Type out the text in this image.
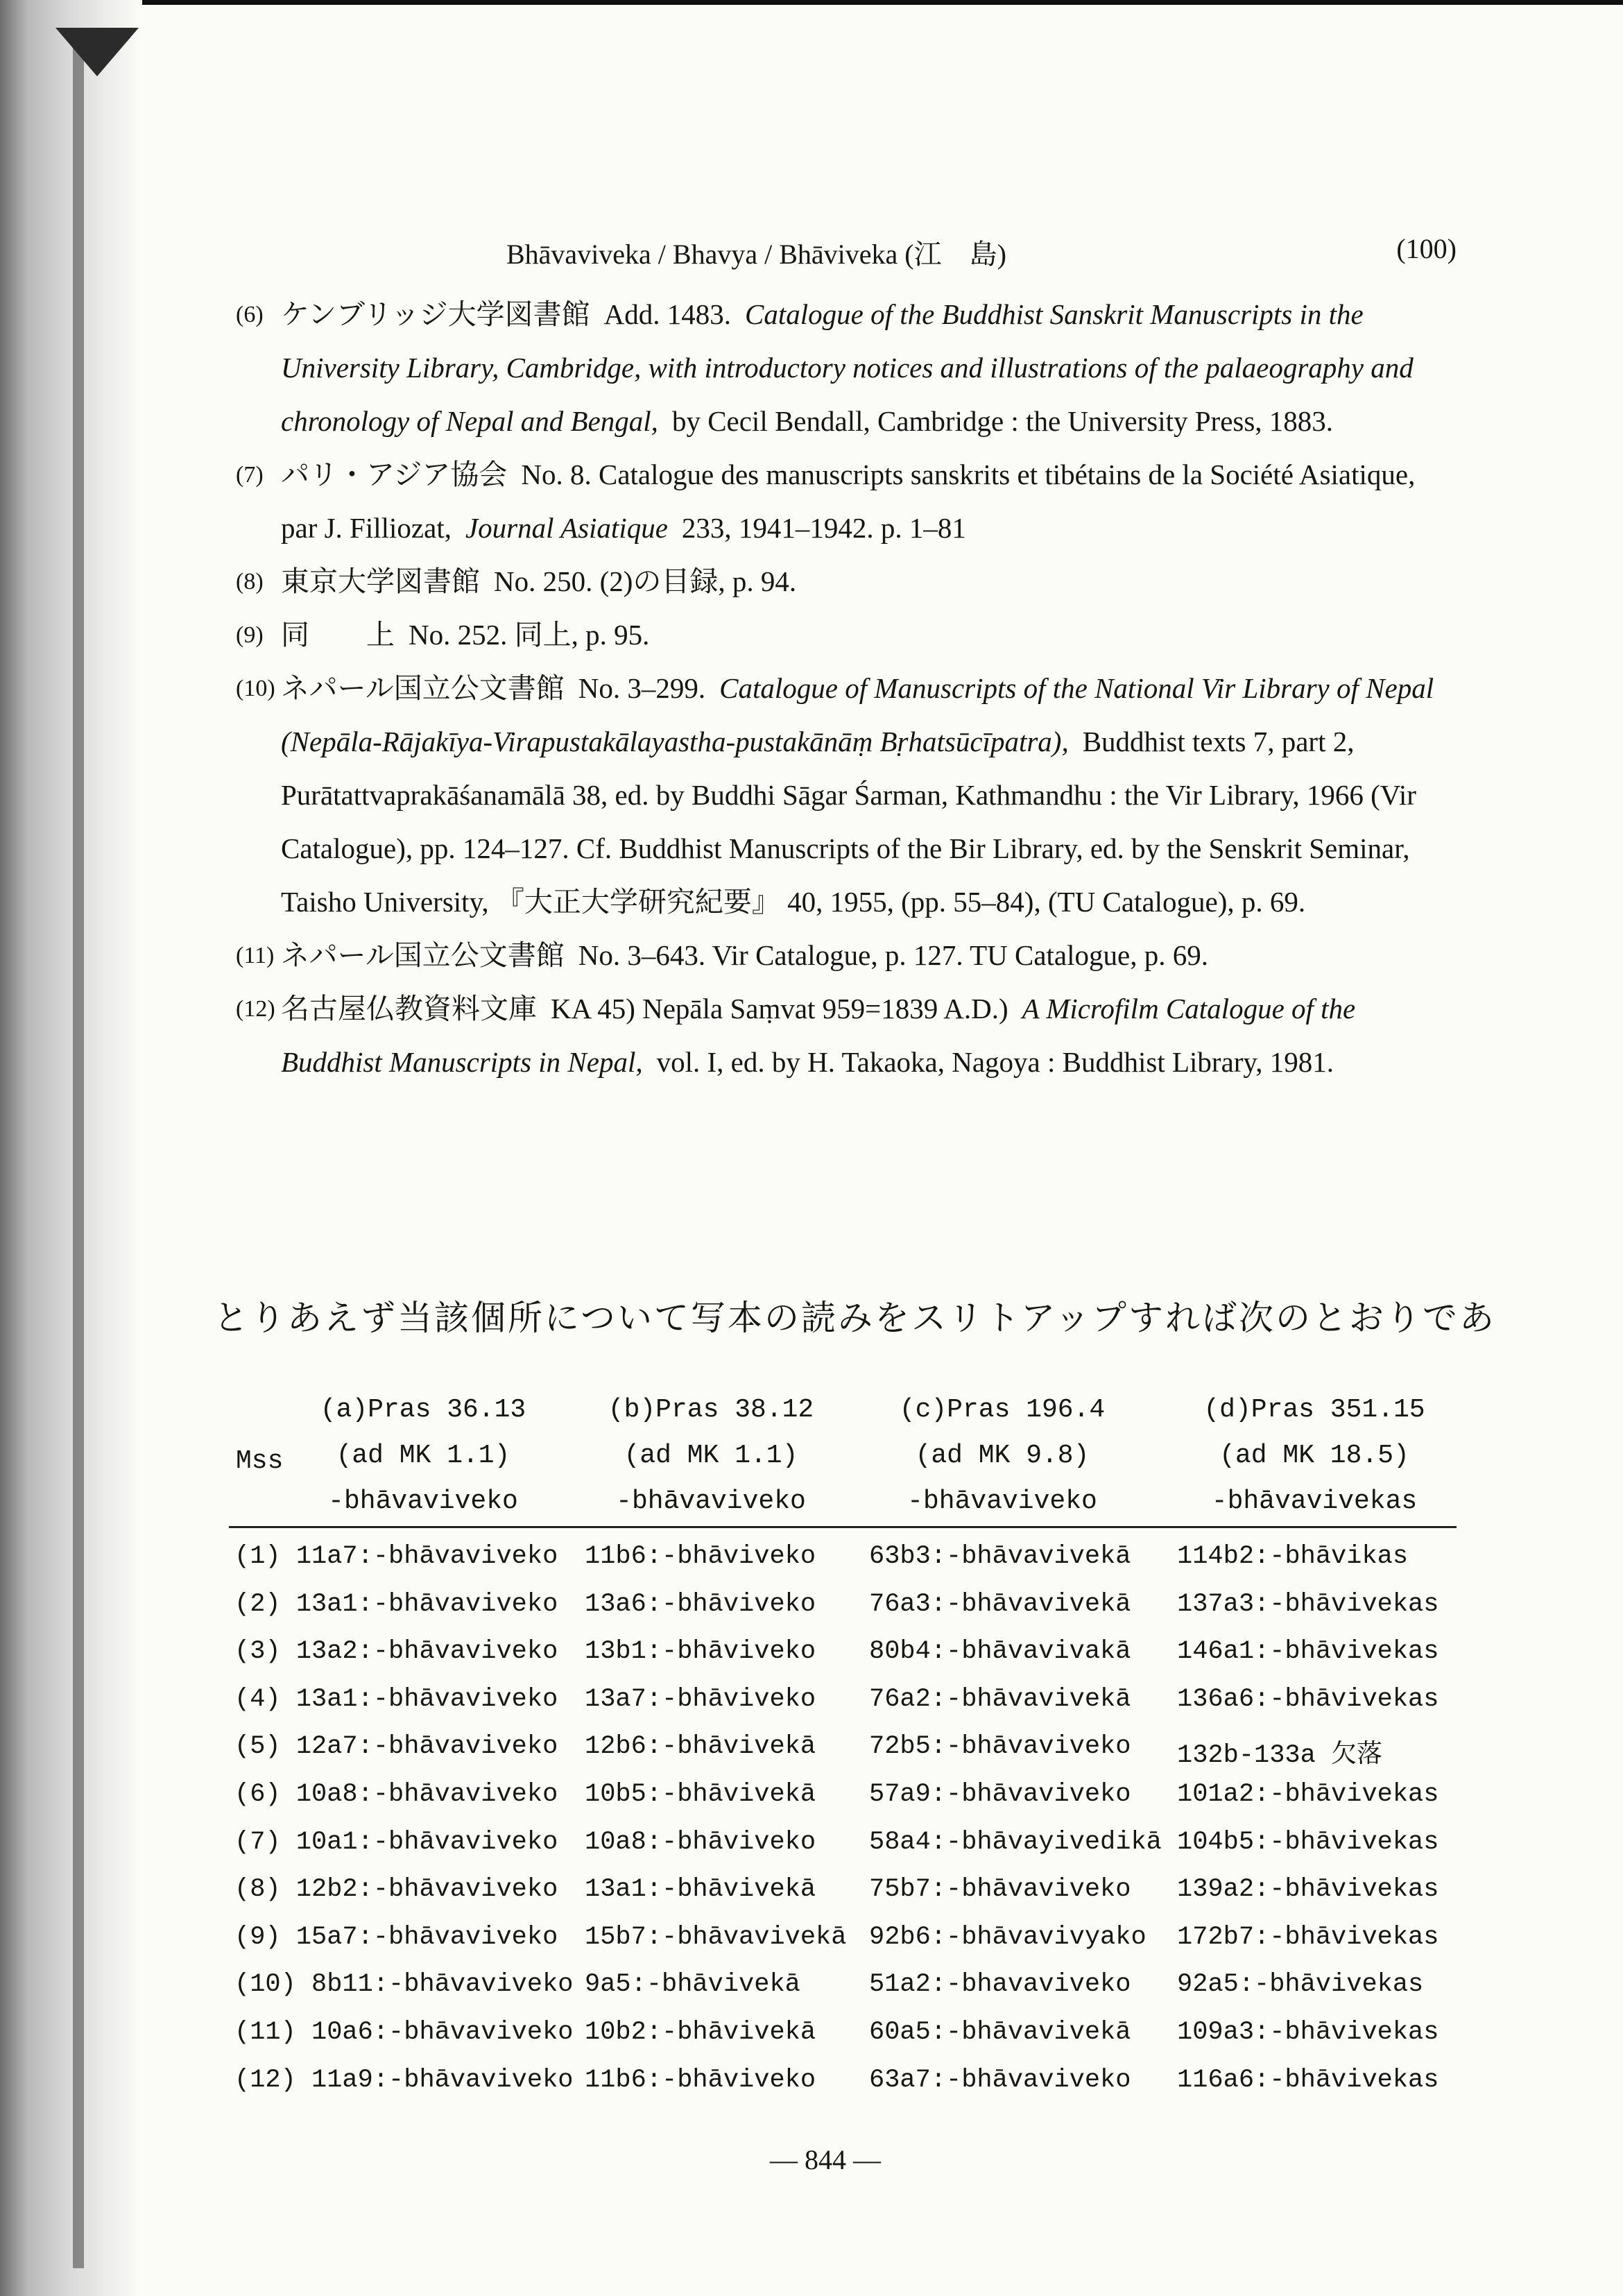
Bhāvaviveka / Bhavya / Bhāviveka (江　島)	(100)
(6) ケンブリッジ大学図書館 Add. 1483. Catalogue of the Buddhist Sanskrit Manuscripts in the University Library, Cambridge, with introductory notices and illustrations of the palaeography and chronology of Nepal and Bengal, by Cecil Bendall, Cambridge : the University Press, 1883.
(7) パリ・アジア協会 No. 8. Catalogue des manuscripts sanskrits et tibétains de la Société Asiatique, par J. Filliozat, Journal Asiatique 233, 1941–1942. p. 1–81
(8) 東京大学図書館 No. 250. (2)の目録, p. 94.
(9) 同　　上 No. 252. 同上, p. 95.
(10) ネパール国立公文書館 No. 3–299. Catalogue of Manuscripts of the National Vir Library of Nepal (Nepāla-Rājakīya-Virapustakālayastha-pustakānāṃ Bṛhatsūcīpatra), Buddhist texts 7, part 2, Purātattvaprakāśanamālā 38, ed. by Buddhi Sāgar Śarman, Kathmandhu : the Vir Library, 1966 (Vir Catalogue), pp. 124–127. Cf. Buddhist Manuscripts of the Bir Library, ed. by the Senskrit Seminar, Taisho University, 『大正大学研究紀要』 40, 1955, (pp. 55–84), (TU Catalogue), p. 69.
(11) ネパール国立公文書館 No. 3–643. Vir Catalogue, p. 127. TU Catalogue, p. 69.
(12) 名古屋仏教資料文庫 KA 45) Nepāla Saṃvat 959=1839 A.D.) A Microfilm Catalogue of the Buddhist Manuscripts in Nepal, vol. I, ed. by H. Takaoka, Nagoya : Buddhist Library, 1981.
とりあえず当該個所について写本の読みをスリトアップすれば次のとおりであ
Mss
(a)Pras 36.13
(ad MK 1.1)
-bhāvaviveko
(b)Pras 38.12
(ad MK 1.1)
-bhāvaviveko
(c)Pras 196.4
(ad MK 9.8)
-bhāvaviveko
(d)Pras 351.15
(ad MK 18.5)
-bhāvavivekas
(1) 11a7:-bhāvaviveko 11b6:-bhāviveko 63b3:-bhāvavivekā 114b2:-bhāvikas
(2) 13a1:-bhāvaviveko 13a6:-bhāviveko 76a3:-bhāvavivekā 137a3:-bhāvivekas
(3) 13a2:-bhāvaviveko 13b1:-bhāviveko 80b4:-bhāvavivakā 146a1:-bhāvivekas
(4) 13a1:-bhāvaviveko 13a7:-bhāviveko 76a2:-bhāvavivekā 136a6:-bhāvivekas
(5) 12a7:-bhāvaviveko 12b6:-bhāvivekā 72b5:-bhāvaviveko 132b-133a 欠落
(6) 10a8:-bhāvaviveko 10b5:-bhāvivekā 57a9:-bhāvaviveko 101a2:-bhāvivekas
(7) 10a1:-bhāvaviveko 10a8:-bhāviveko 58a4:-bhāvayivedikā 104b5:-bhāvivekas
(8) 12b2:-bhāvaviveko 13a1:-bhāvivekā 75b7:-bhāvaviveko 139a2:-bhāvivekas
(9) 15a7:-bhāvaviveko 15b7:-bhāvavivekā 92b6:-bhāvavivyako 172b7:-bhāvivekas
(10) 8b11:-bhāvaviveko 9a5:-bhāvivekā	51a2:-bhavaviveko 92a5:-bhāvivekas
(11) 10a6:-bhāvaviveko 10b2:-bhāvivekā 60a5:-bhāvavivekā 109a3:-bhāvivekas
(12) 11a9:-bhāvaviveko 11b6:-bhāviveko 63a7:-bhāvaviveko 116a6:-bhāvivekas
— 844 —
